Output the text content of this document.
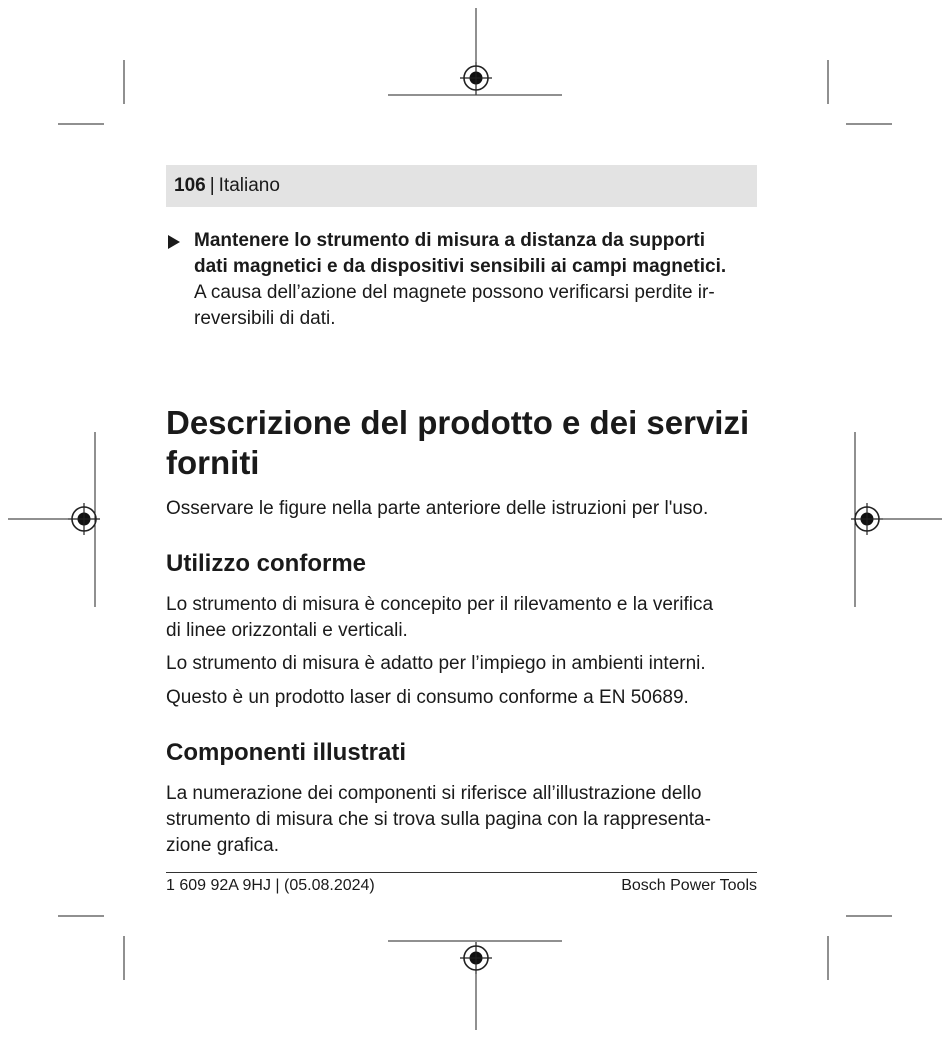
106 | Italiano
Mantenere lo strumento di misura a distanza da supporti
dati magnetici e da dispositivi sensibili ai campi magnetici.
A causa dell’azione del magnete possono verificarsi perdite ir-
reversibili di dati.
Descrizione del prodotto e dei servizi
forniti
Osservare le figure nella parte anteriore delle istruzioni per l'uso.
Utilizzo conforme
Lo strumento di misura è concepito per il rilevamento e la verifica
di linee orizzontali e verticali.
Lo strumento di misura è adatto per l’impiego in ambienti interni.
Questo è un prodotto laser di consumo conforme a EN 50689.
Componenti illustrati
La numerazione dei componenti si riferisce all’illustrazione dello
strumento di misura che si trova sulla pagina con la rappresenta-
zione grafica.
1 609 92A 9HJ | (05.08.2024)	Bosch Power Tools
